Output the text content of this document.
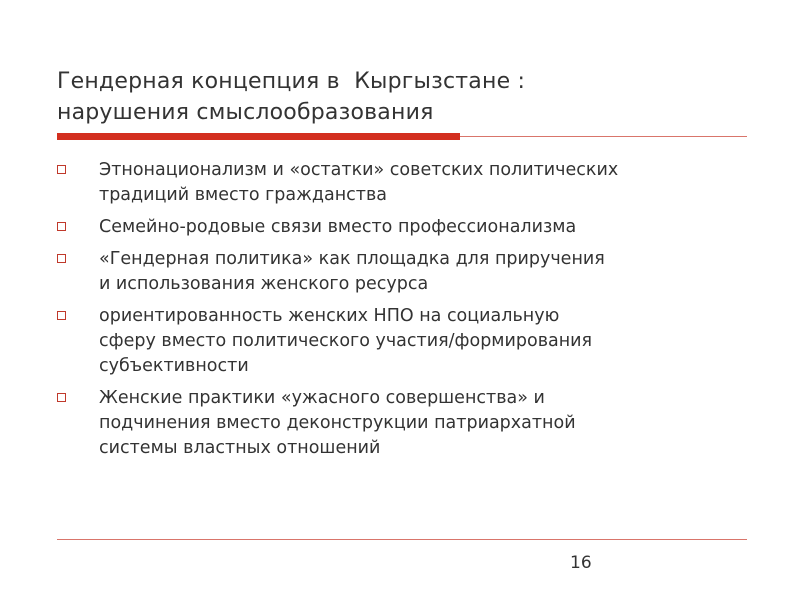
Гендерная концепция в  Кыргызстане :
нарушения смыслообразования
Этнонационализм и «остатки» советских политических
традиций вместо гражданства
Семейно-родовые связи вместо профессионализма
«Гендерная политика» как площадка для приручения
и использования женского ресурса
ориентированность женских НПО на социальную
сферу вместо политического участия/формирования
субъективности
Женские практики «ужасного совершенства» и
подчинения вместо деконструкции патриархатной
системы властных отношений
16
